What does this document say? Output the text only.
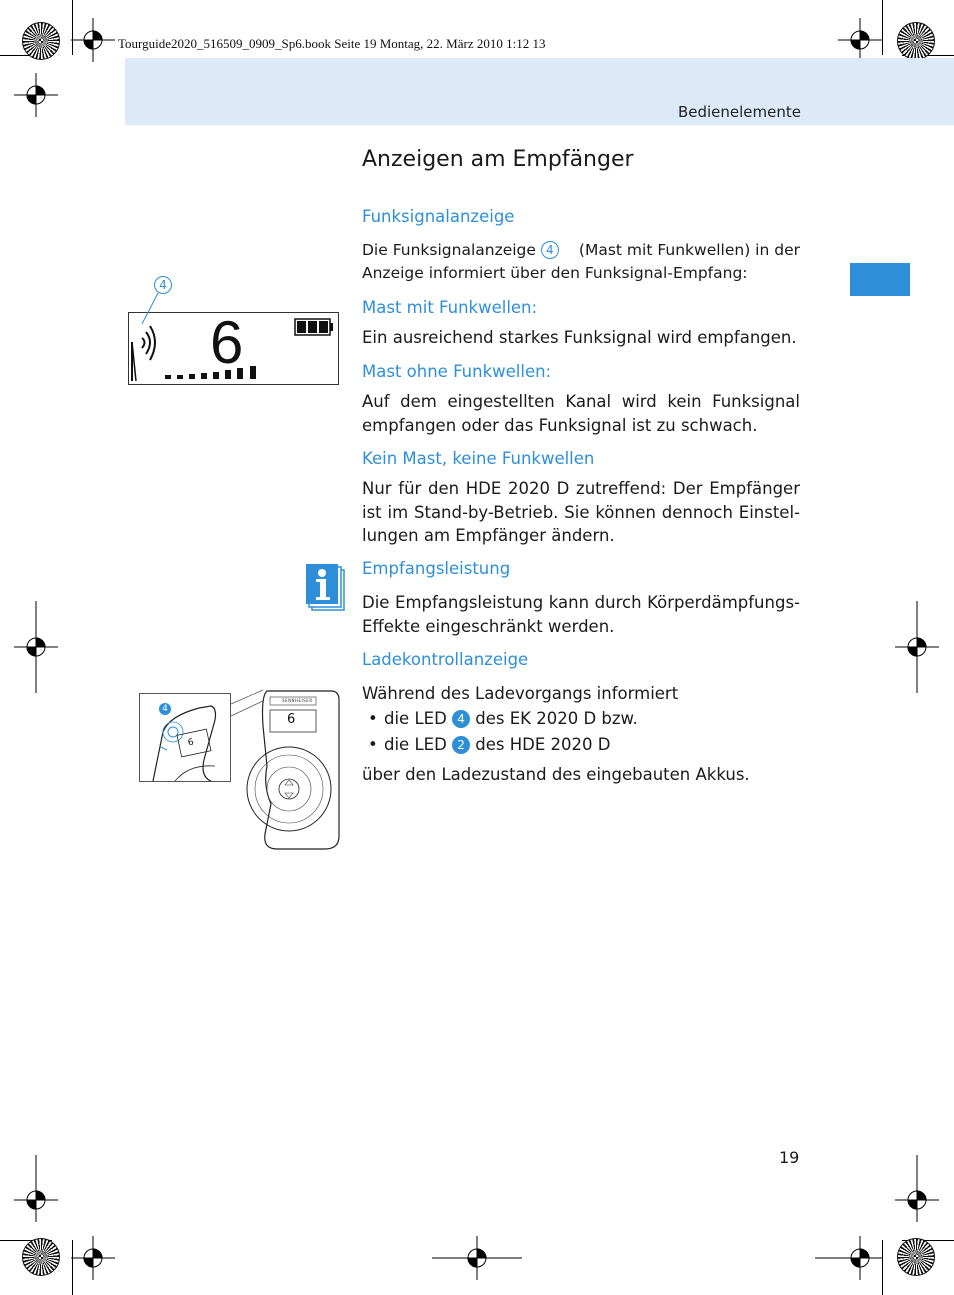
Tourguide2020_516509_0909_Sp6.book Seite 19 Montag, 22. März 2010 1:12 13
Bedienelemente
Anzeigen am Empfänger
Funksignalanzeige
Die Funksignalanzeige 4	(Mast mit Funkwellen) in der
Anzeige informiert über den Funksignal-Empfang:
Mast mit Funkwellen:
Ein ausreichend starkes Funksignal wird empfangen.
Mast ohne Funkwellen:
Auf dem eingestellten Kanal wird kein Funksignal
empfangen oder das Funksignal ist zu schwach.
Kein Mast, keine Funkwellen
Nur für den HDE 2020 D zutreffend: Der Empfänger
ist im Stand-by-Betrieb. Sie können dennoch Einstel-
lungen am Empfänger ändern.
Empfangsleistung
Die Empfangsleistung kann durch Körperdämpfungs-
Effekte eingeschränkt werden.
Ladekontrollanzeige
Während des Ladevorgangs informiert
• die LED 4 des EK 2020 D bzw.
• die LED 2 des HDE 2020 D
über den Ladezustand des eingebauten Akkus.
4
6
4
SENNHEISER
6
6
19
